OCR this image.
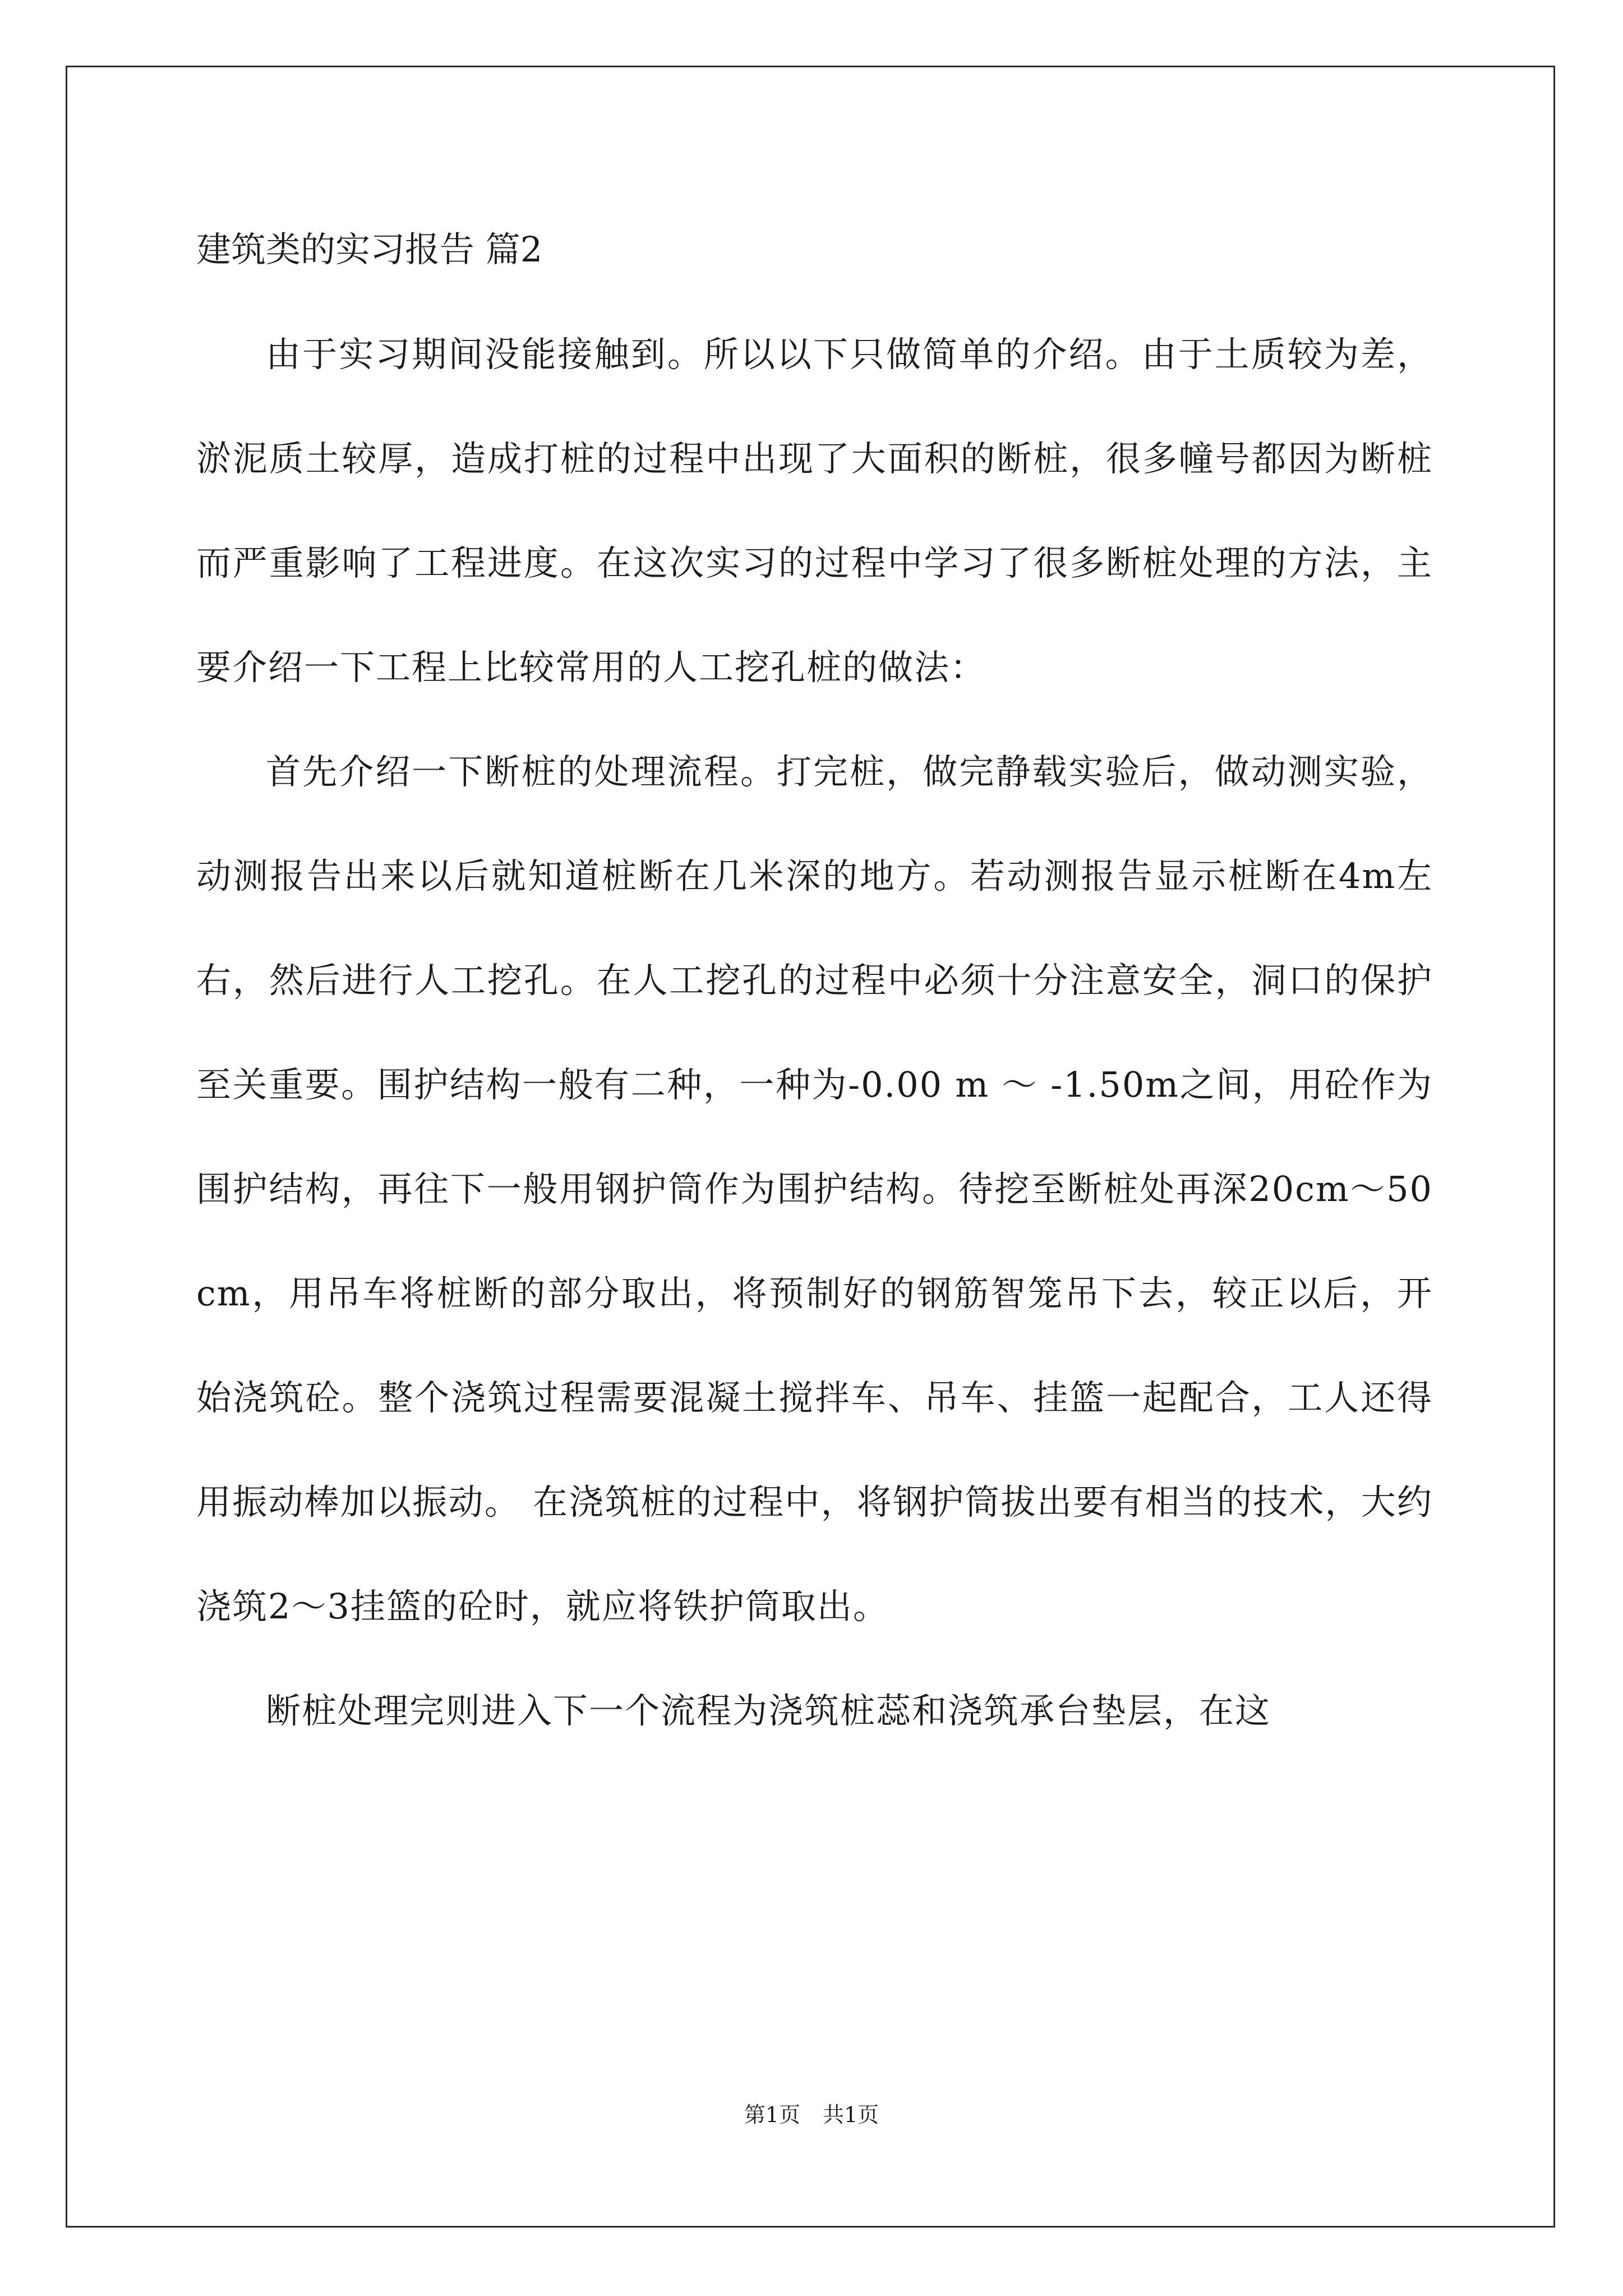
建筑类的实习报告 篇2

由于实习期间没能接触到。所以以下只做简单的介绍。由于土质较为差，淤泥质土较厚，造成打桩的过程中出现了大面积的断桩，很多幢号都因为断桩而严重影响了工程进度。在这次实习的过程中学习了很多断桩处理的方法，主要介绍一下工程上比较常用的人工挖孔桩的做法：

首先介绍一下断桩的处理流程。打完桩，做完静载实验后，做动测实验，动测报告出来以后就知道桩断在几米深的地方。若动测报告显示桩断在4m左右，然后进行人工挖孔。在人工挖孔的过程中必须十分注意安全，洞口的保护至关重要。围护结构一般有二种，一种为-0.00 m ～ -1.50m之间，用砼作为围护结构，再往下一般用钢护筒作为围护结构。待挖至断桩处再深20cm～50cm，用吊车将桩断的部分取出，将预制好的钢筋智笼吊下去，较正以后，开始浇筑砼。整个浇筑过程需要混凝土搅拌车、吊车、挂篮一起配合，工人还得用振动棒加以振动。 在浇筑桩的过程中，将钢护筒拔出要有相当的技术，大约浇筑2～3挂篮的砼时，就应将铁护筒取出。

断桩处理完则进入下一个流程为浇筑桩蕊和浇筑承台垫层，在这

第1页 共1页
